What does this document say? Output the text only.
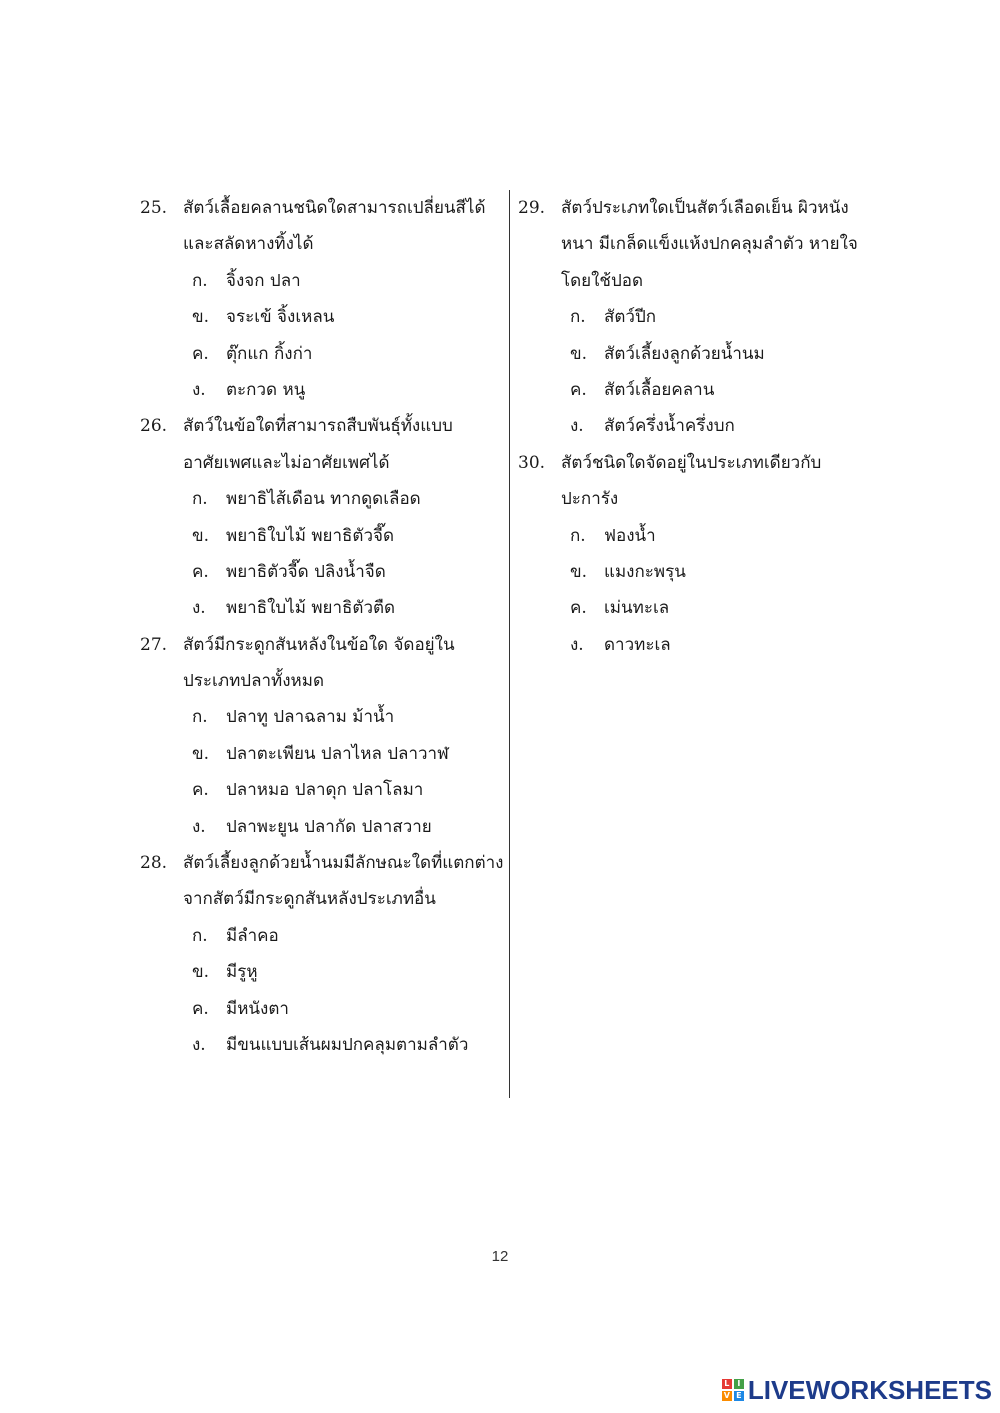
25. สัตว์เลื้อยคลานชนิดใดสามารถเปลี่ยนสีได้
และสลัดหางทิ้งได้
ก.	จิ้งจก ปลา
ข. จระเข้ จิ้งเหลน
ค.	ตุ๊กแก กิ้งก่า
ง.	ตะกวด หนู
26. สัตว์ในข้อใดที่สามารถสืบพันธุ์ทั้งแบบ
อาศัยเพศและไม่อาศัยเพศได้
ก.	พยาธิไส้เดือน ทากดูดเลือด
ข. พยาธิใบไม้ พยาธิตัวจี๊ด
ค.	พยาธิตัวจี๊ด ปลิงน้ำจืด
ง.	พยาธิใบไม้ พยาธิตัวตืด
27. สัตว์มีกระดูกสันหลังในข้อใด จัดอยู่ใน
ประเภทปลาทั้งหมด
ก.	ปลาทู ปลาฉลาม ม้าน้ำ
ข. ปลาตะเพียน ปลาไหล ปลาวาฬ
ค.	ปลาหมอ ปลาดุก ปลาโลมา
ง.	ปลาพะยูน ปลากัด ปลาสวาย
28. สัตว์เลี้ยงลูกด้วยน้ำนมมีลักษณะใดที่แตกต่าง
จากสัตว์มีกระดูกสันหลังประเภทอื่น
ก.	มีลำคอ
ข. มีรูหู
ค.	มีหนังตา
ง.	มีขนแบบเส้นผมปกคลุมตามลำตัว
29. สัตว์ประเภทใดเป็นสัตว์เลือดเย็น ผิวหนัง
หนา มีเกล็ดแข็งแห้งปกคลุมลำตัว หายใจ
โดยใช้ปอด
ก.	สัตว์ปีก
ข. สัตว์เลี้ยงลูกด้วยน้ำนม
ค.	สัตว์เลื้อยคลาน
ง.	สัตว์ครึ่งน้ำครึ่งบก
30. สัตว์ชนิดใดจัดอยู่ในประเภทเดียวกับ
ปะการัง
ก.	ฟองน้ำ
ข. แมงกะพรุน
ค.	เม่นทะเล
ง.	ดาวทะเล
12
L I
V E LIVEWORKSHEETS
